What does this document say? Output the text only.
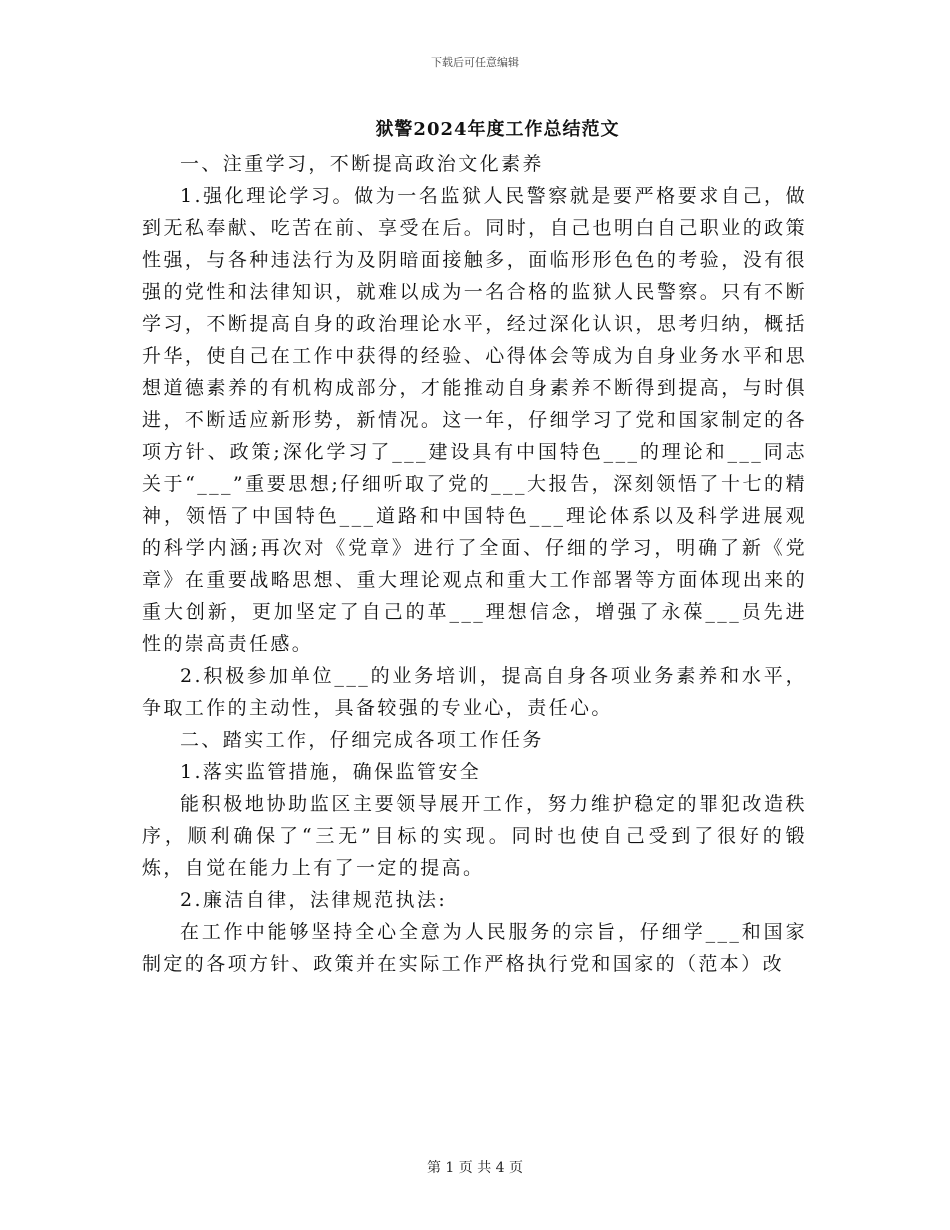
下载后可任意编辑
狱警2024年度工作总结范文

一、注重学习，不断提高政治文化素养

1.强化理论学习。做为一名监狱人民警察就是要严格要求自己，做到无私奉献、吃苦在前、享受在后。同时，自己也明白自己职业的政策性强，与各种违法行为及阴暗面接触多，面临形形色色的考验，没有很强的党性和法律知识，就难以成为一名合格的监狱人民警察。只有不断学习，不断提高自身的政治理论水平，经过深化认识，思考归纳，概括升华，使自己在工作中获得的经验、心得体会等成为自身业务水平和思想道德素养的有机构成部分，才能推动自身素养不断得到提高，与时俱进，不断适应新形势，新情况。这一年，仔细学习了党和国家制定的各项方针、政策;深化学习了___建设具有中国特色___的理论和___同志关于“___”重要思想;仔细听取了党的___大报告，深刻领悟了十七的精神，领悟了中国特色___道路和中国特色___理论体系以及科学进展观的科学内涵;再次对《党章》进行了全面、仔细的学习，明确了新《党章》在重要战略思想、重大理论观点和重大工作部署等方面体现出来的重大创新，更加坚定了自己的革___理想信念，增强了永葆___员先进性的崇高责任感。

2.积极参加单位___的业务培训，提高自身各项业务素养和水平，争取工作的主动性，具备较强的专业心，责任心。

二、踏实工作，仔细完成各项工作任务

1.落实监管措施，确保监管安全

能积极地协助监区主要领导展开工作，努力维护稳定的罪犯改造秩序，顺利确保了“三无”目标的实现。同时也使自己受到了很好的锻炼，自觉在能力上有了一定的提高。

2.廉洁自律，法律规范执法:

在工作中能够坚持全心全意为人民服务的宗旨，仔细学___和国家制定的各项方针、政策并在实际工作严格执行党和国家的（范本）改

第 1 页 共 4 页
